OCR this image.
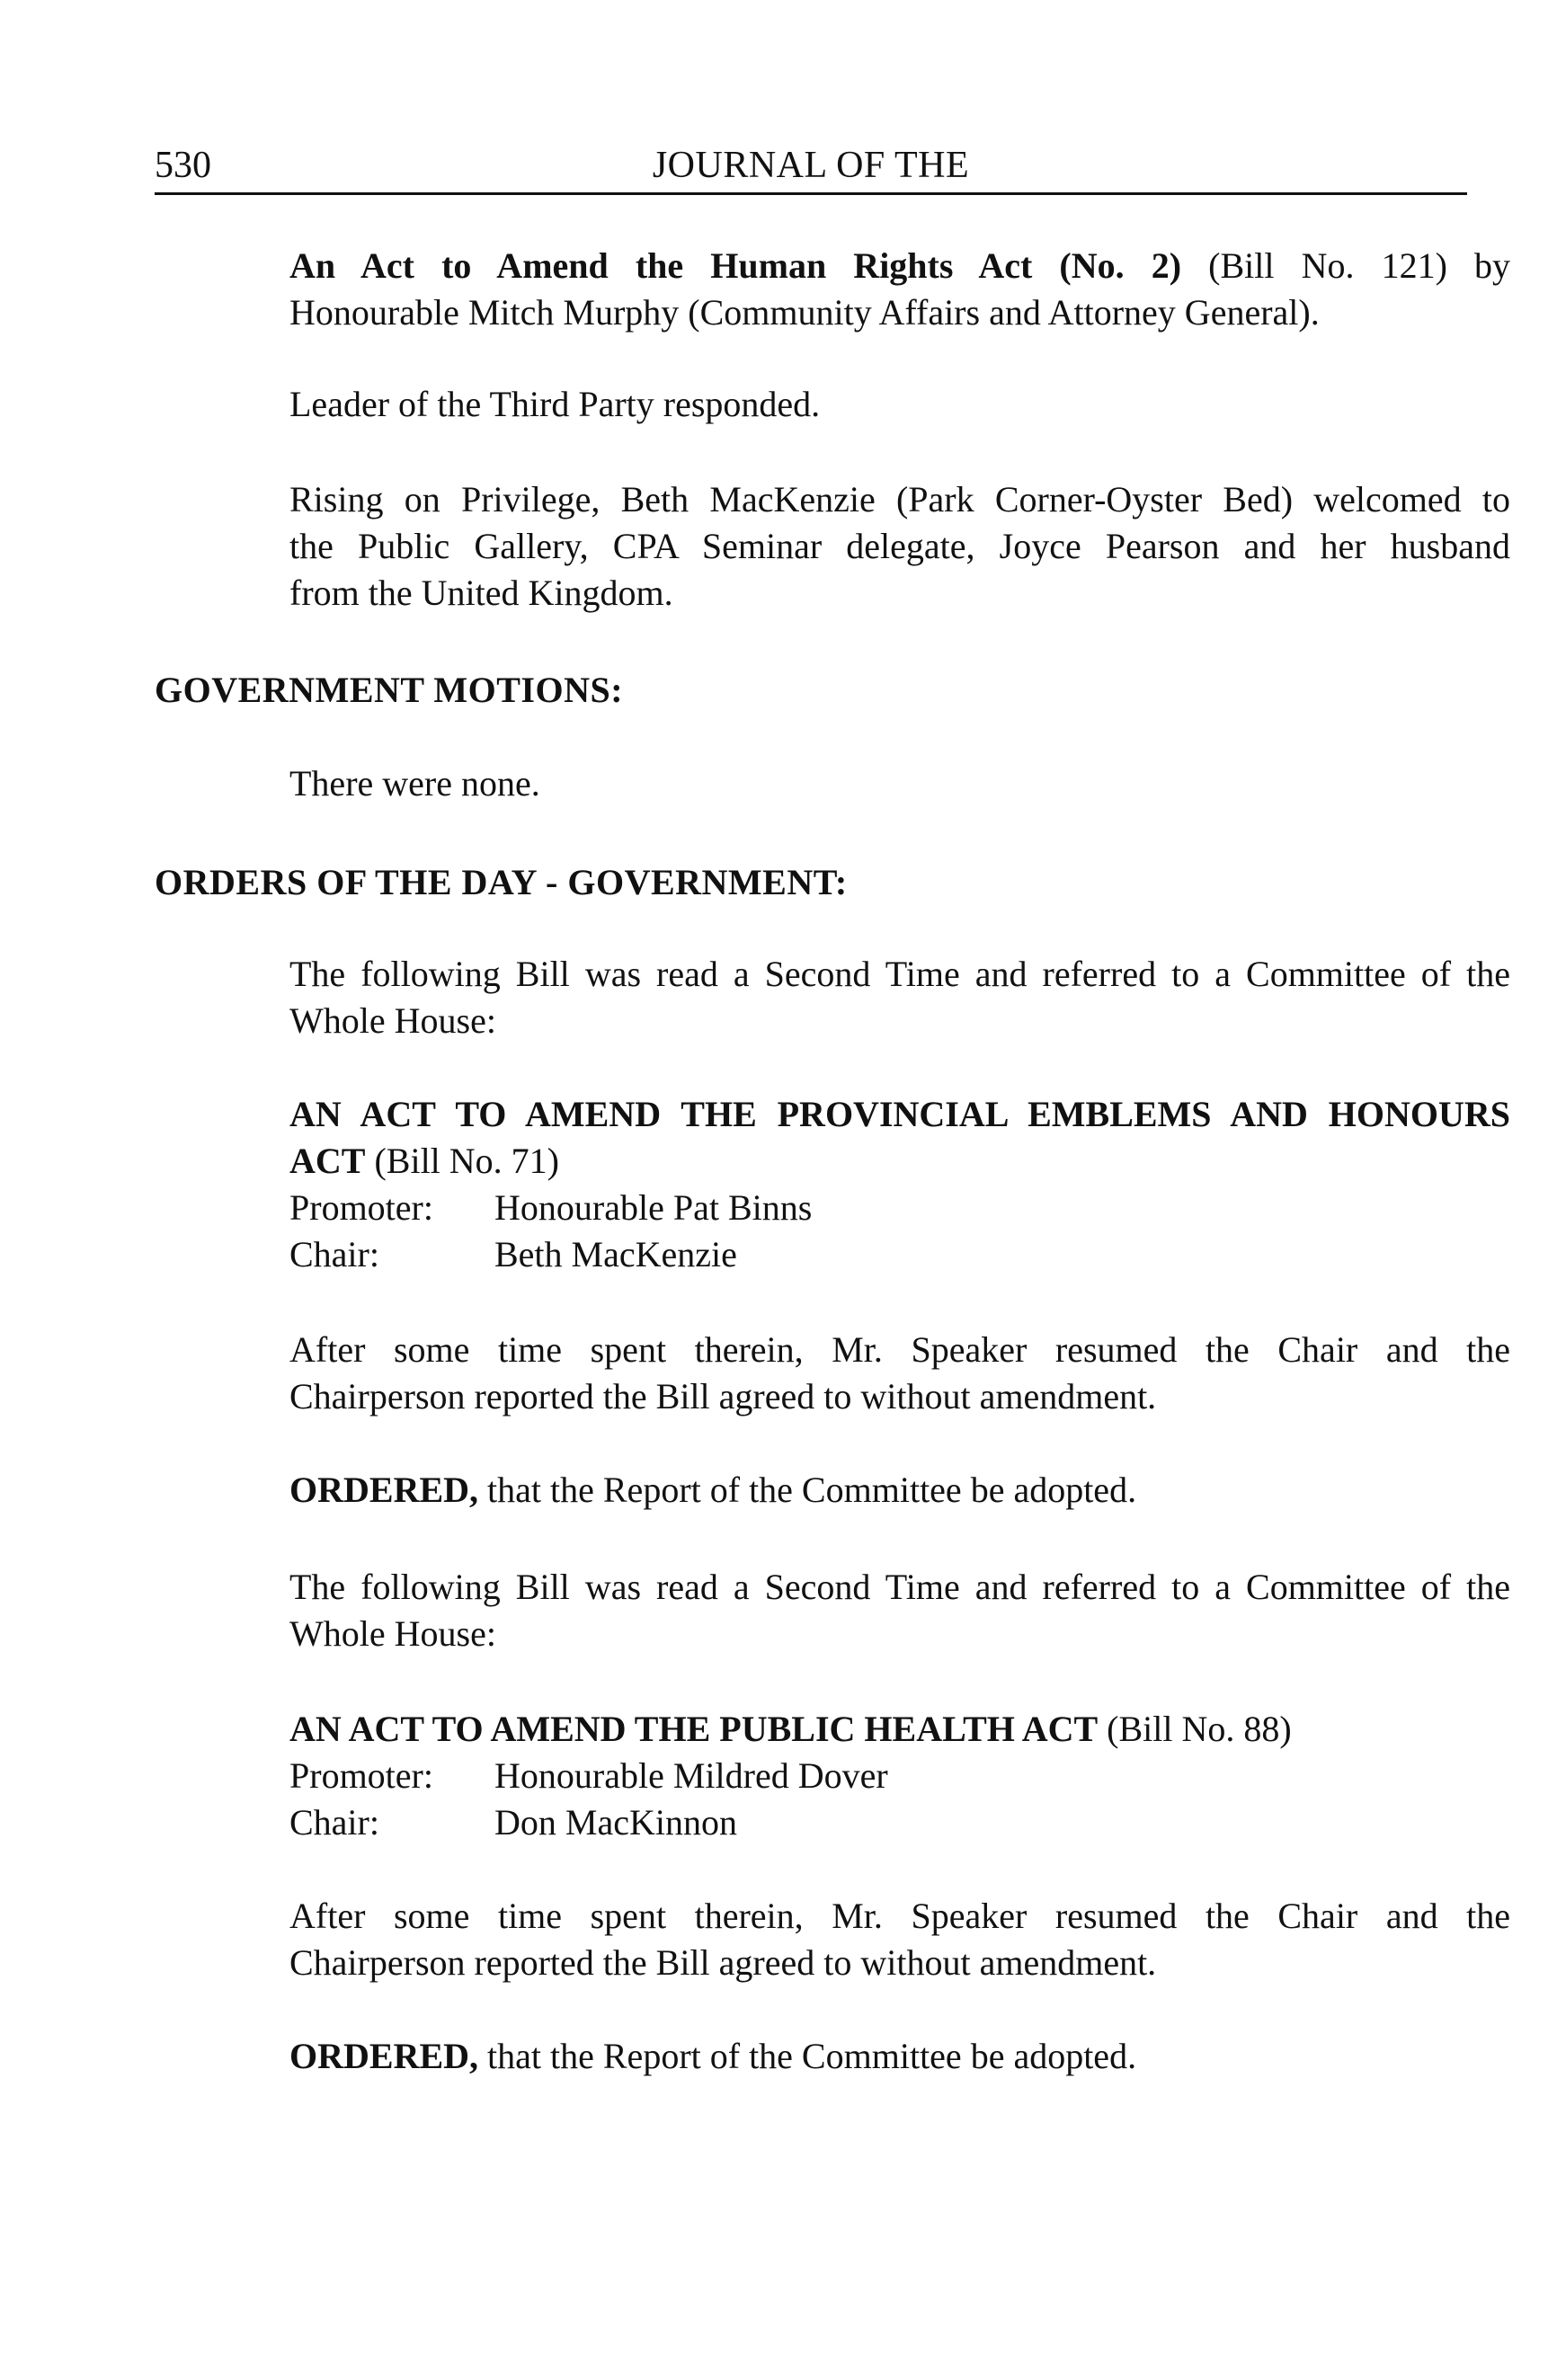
530	JOURNAL OF THE
An Act to Amend the Human Rights Act (No. 2) (Bill No. 121) by
Honourable Mitch Murphy (Community Affairs and Attorney General).
Leader of the Third Party responded.
Rising on Privilege, Beth MacKenzie (Park Corner-Oyster Bed) welcomed to
the Public Gallery, CPA Seminar delegate, Joyce Pearson and her husband
from the United Kingdom.
GOVERNMENT MOTIONS:
There were none.
ORDERS OF THE DAY - GOVERNMENT:
The following Bill was read a Second Time and referred to a Committee of the
Whole House:
AN ACT TO AMEND THE PROVINCIAL EMBLEMS AND HONOURS
ACT (Bill No. 71)
Promoter:	Honourable Pat Binns
Chair:	Beth MacKenzie
After some time spent therein, Mr. Speaker resumed the Chair and the
Chairperson reported the Bill agreed to without amendment.
ORDERED, that the Report of the Committee be adopted.
The following Bill was read a Second Time and referred to a Committee of the
Whole House:
AN ACT TO AMEND THE PUBLIC HEALTH ACT (Bill No. 88)
Promoter:	Honourable Mildred Dover
Chair:	Don MacKinnon
After some time spent therein, Mr. Speaker resumed the Chair and the
Chairperson reported the Bill agreed to without amendment.
ORDERED, that the Report of the Committee be adopted.
